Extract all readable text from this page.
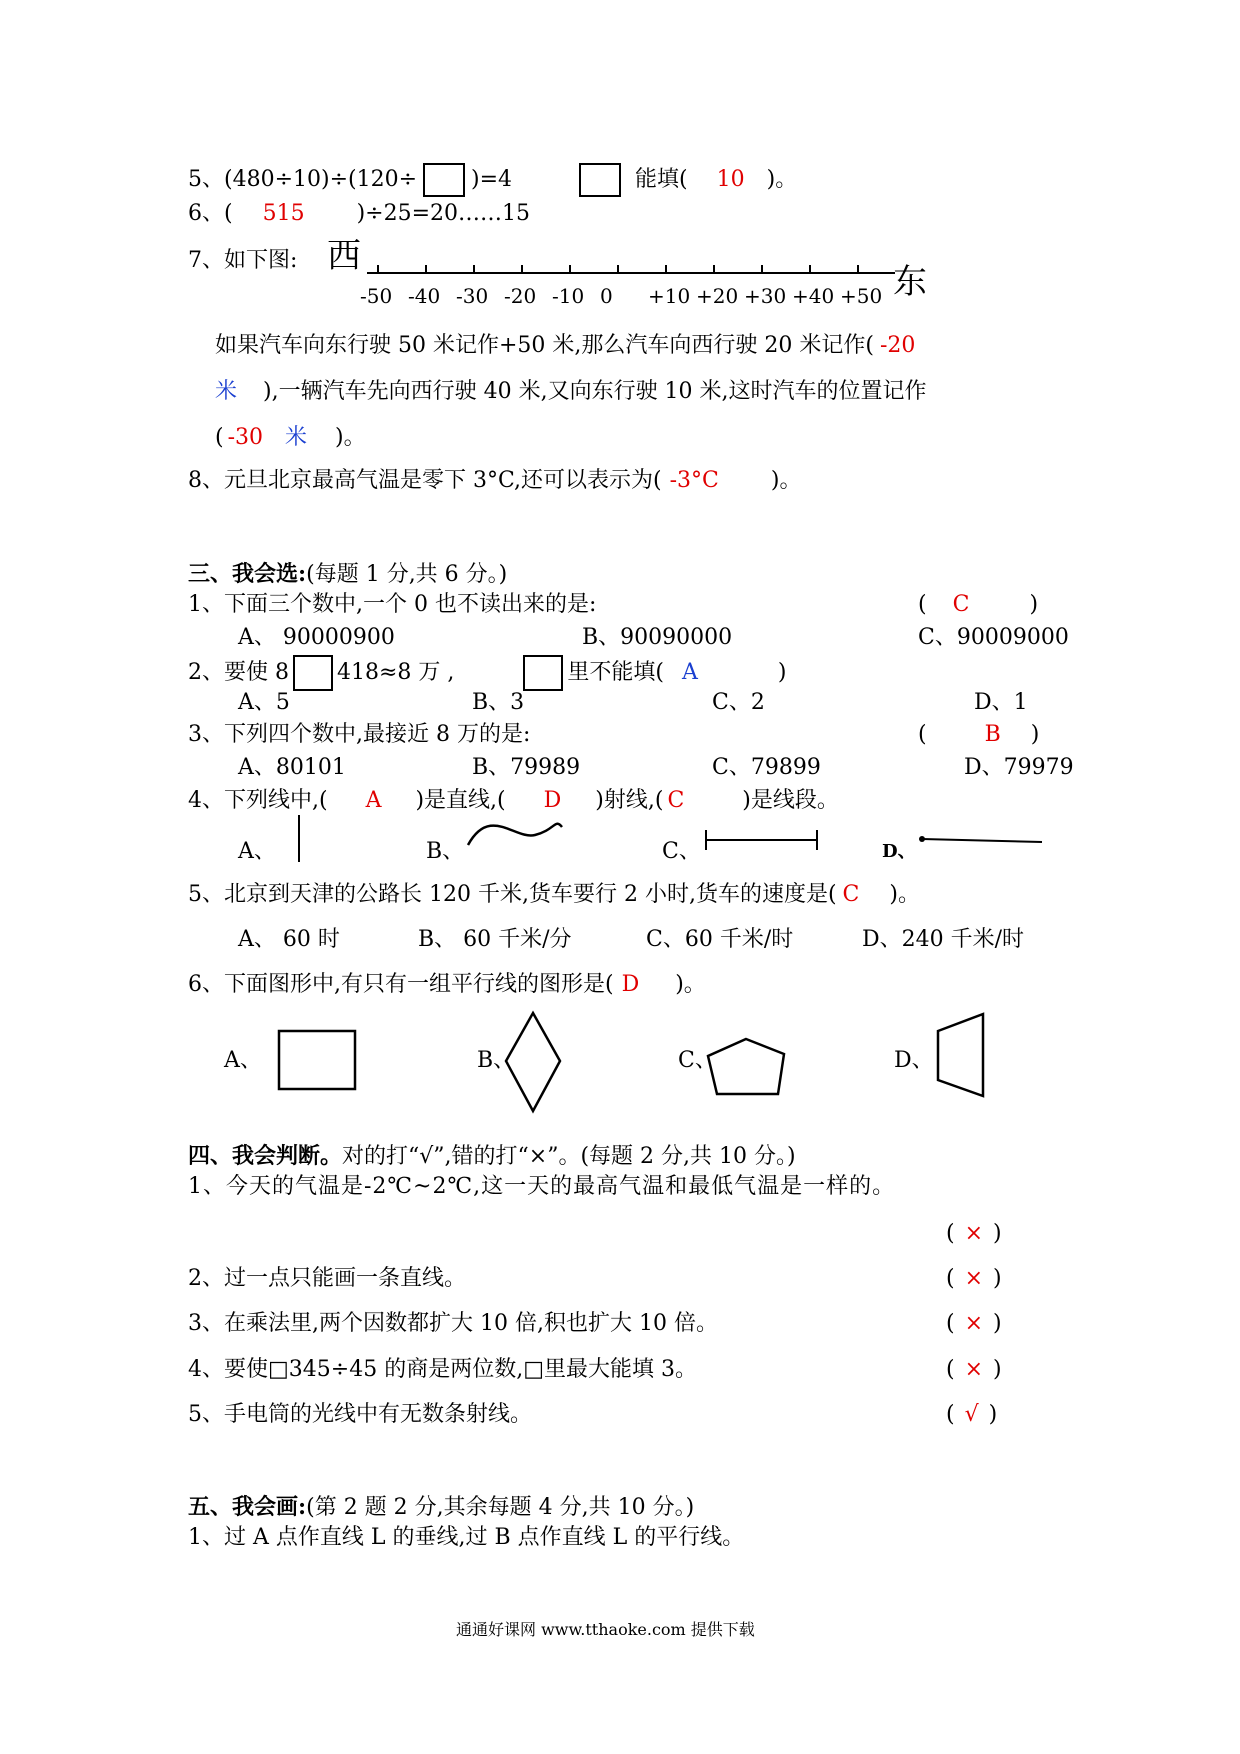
5、(480÷10)÷(120÷ )=4	能填( 10 )。
6、( 515 )÷25=20……15
7、如下图: 西
东
-50 -40 -30 -20 -10 0 +10 +20 +30 +40 +50
如果汽车向东行驶 50 米记作+50 米,那么汽车向西行驶 20 米记作( -20
米 ),一辆汽车先向西行驶 40 米,又向东行驶 10 米,这时汽车的位置记作
( -30 米 )。
8、元旦北京最高气温是零下 3°C,还可以表示为( -3°C )。
三、我会选:(每题 1 分,共 6 分。)
1、下面三个数中,一个 0 也不读出来的是:	( C	)
A、 90000900	B、90090000	C、90009000
2、要使 8 418≈8 万 ,	里不能填( A	)
A、5	B、3	C、2	D、1
3、下列四个数中,最接近 8 万的是:	(	B )
A、80101	B、79989	C、79899	D、79979
4、下列线中,( A )是直线,( D )射线,( C	)是线段。
A、	B、	C、	D、
5、北京到天津的公路长 120 千米,货车要行 2 小时,货车的速度是( C )。
A、 60 时	B、 60 千米/分	C、60 千米/时	D、240 千米/时
6、下面图形中,有只有一组平行线的图形是( D )。
A、	B、	C、	D、
四、我会判断。对的打“√”,错的打“×”。(每题 2 分,共 10 分。)
1、今天的气温是-2℃~2℃,这一天的最高气温和最低气温是一样的。
( × )
2、过一点只能画一条直线。	( × )
3、在乘法里,两个因数都扩大 10 倍,积也扩大 10 倍。	( × )
4、要使□345÷45 的商是两位数,□里最大能填 3。	( × )
5、手电筒的光线中有无数条射线。	( √ )
五、我会画:(第 2 题 2 分,其余每题 4 分,共 10 分。)
1、过 A 点作直线 L 的垂线,过 B 点作直线 L 的平行线。
通通好课网 www.tthaoke.com 提供下载
